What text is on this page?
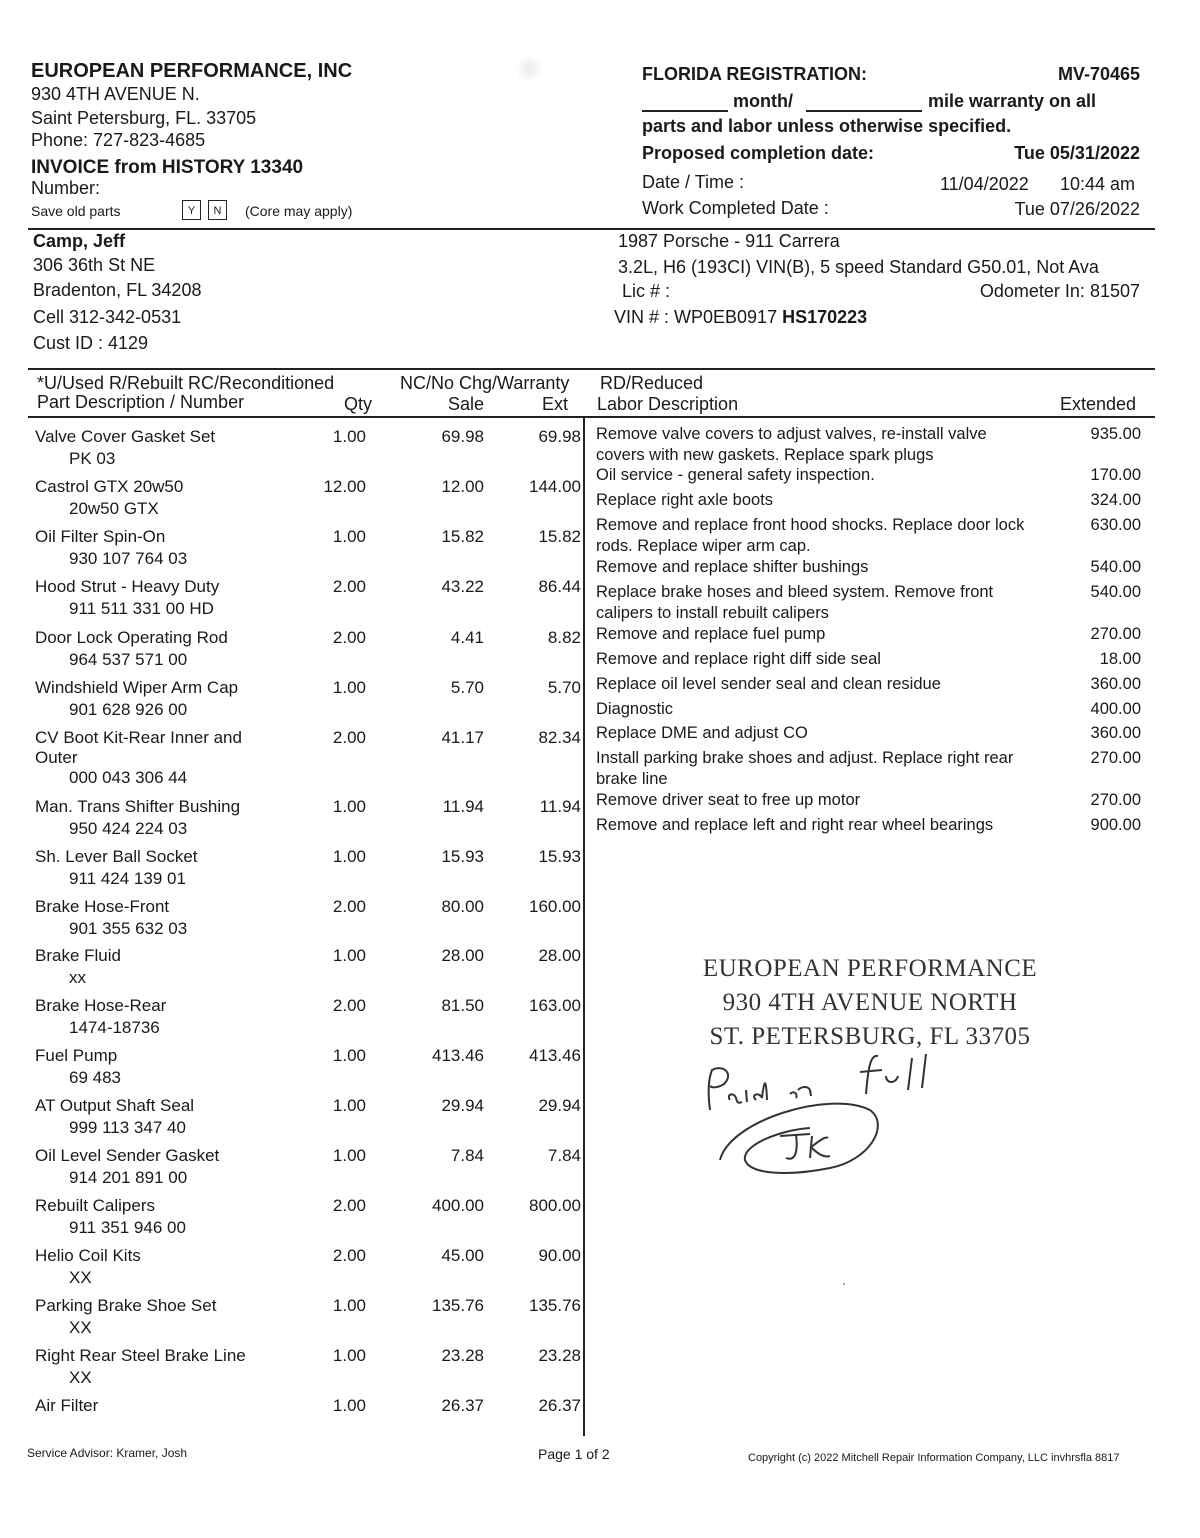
EUROPEAN PERFORMANCE, INC
930 4TH AVENUE N.
Saint Petersburg, FL. 33705
Phone: 727-823-4685
INVOICE from HISTORY 13340
Number:
Save old parts	Y	N	(Core may apply)
FLORIDA REGISTRATION:	MV-70465
month/	mile warranty on all
parts and labor unless otherwise specified.
Proposed completion date:	Tue 05/31/2022
Date / Time :	11/04/2022 10:44 am
Work Completed Date :	Tue 07/26/2022
Camp, Jeff
306 36th St NE
Bradenton, FL 34208
Cell 312-342-0531
Cust ID : 4129
1987 Porsche - 911 Carrera
3.2L, H6 (193CI) VIN(B), 5 speed Standard G50.01, Not Ava
Lic # :	Odometer In: 81507
VIN # : WP0EB0917 HS170223
*U/Used R/Rebuilt RC/Reconditioned	NC/No Chg/Warranty RD/Reduced
Part Description / Number	Qty	Sale	Ext Labor Description	Extended
Valve Cover Gasket Set
PK 03
1.00	69.98	69.98
Castrol GTX 20w50
20w50 GTX
12.00	12.00	144.00
Oil Filter Spin-On
930 107 764 03
1.00	15.82	15.82
Hood Strut - Heavy Duty
911 511 331 00 HD
2.00	43.22	86.44
Door Lock Operating Rod
964 537 571 00
2.00	4.41	8.82
Windshield Wiper Arm Cap
901 628 926 00
1.00	5.70	5.70
CV Boot Kit-Rear Inner and
Outer
000 043 306 44
2.00	41.17	82.34
Man. Trans Shifter Bushing
950 424 224 03
1.00	11.94	11.94
Sh. Lever Ball Socket
911 424 139 01
1.00	15.93	15.93
Brake Hose-Front
901 355 632 03
2.00	80.00	160.00
Brake Fluid
xx
1.00	28.00	28.00
Brake Hose-Rear
1474-18736
2.00	81.50	163.00
Fuel Pump
69 483
1.00	413.46	413.46
AT Output Shaft Seal
999 113 347 40
1.00	29.94	29.94
Oil Level Sender Gasket
914 201 891 00
1.00	7.84	7.84
Rebuilt Calipers
911 351 946 00
2.00	400.00	800.00
Helio Coil Kits
XX
2.00	45.00	90.00
Parking Brake Shoe Set
XX
1.00	135.76	135.76
Right Rear Steel Brake Line
XX
1.00	23.28	23.28
Air Filter	1.00	26.37	26.37
Remove valve covers to adjust valves, re-install valve covers with new gaskets. Replace spark plugs
935.00
Oil service - general safety inspection.	170.00
Replace right axle boots	324.00
Remove and replace front hood shocks. Replace door lock rods. Replace wiper arm cap.
630.00
Remove and replace shifter bushings	540.00
Replace brake hoses and bleed system. Remove front calipers to install rebuilt calipers
540.00
Remove and replace fuel pump	270.00
Remove and replace right diff side seal	18.00
Replace oil level sender seal and clean residue	360.00
Diagnostic	400.00
Replace DME and adjust CO	360.00
Install parking brake shoes and adjust. Replace right rear brake line
270.00
Remove driver seat to free up motor	270.00
Remove and replace left and right rear wheel bearings	900.00
EUROPEAN PERFORMANCE
930 4TH AVENUE NORTH
ST. PETERSBURG, FL 33705
Service Advisor: Kramer, Josh	Page 1 of 2	Copyright (c) 2022 Mitchell Repair Information Company, LLC invhrsfla 8817
